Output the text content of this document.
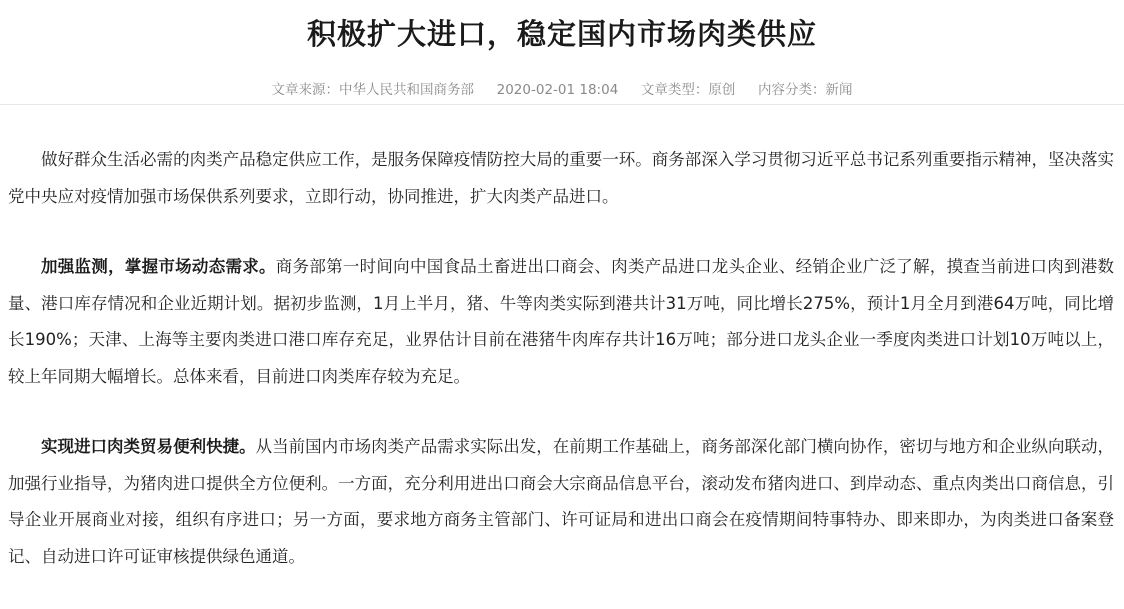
积极扩大进口，稳定国内市场肉类供应
文章来源：中华人民共和国商务部 2020-02-01 18:04 文章类型：原创 内容分类：新闻

做好群众生活必需的肉类产品稳定供应工作，是服务保障疫情防控大局的重要一环。商务部深入学习贯彻习近平总书记系列重要指示精神，坚决落实党中央应对疫情加强市场保供系列要求，立即行动，协同推进，扩大肉类产品进口。

加强监测，掌握市场动态需求。商务部第一时间向中国食品土畜进出口商会、肉类产品进口龙头企业、经销企业广泛了解，摸查当前进口肉到港数量、港口库存情况和企业近期计划。据初步监测，1月上半月，猪、牛等肉类实际到港共计31万吨，同比增长275%，预计1月全月到港64万吨，同比增长190%；天津、上海等主要肉类进口港口库存充足，业界估计目前在港猪牛肉库存共计16万吨；部分进口龙头企业一季度肉类进口计划10万吨以上，较上年同期大幅增长。总体来看，目前进口肉类库存较为充足。

实现进口肉类贸易便利快捷。从当前国内市场肉类产品需求实际出发，在前期工作基础上，商务部深化部门横向协作，密切与地方和企业纵向联动，加强行业指导，为猪肉进口提供全方位便利。一方面，充分利用进出口商会大宗商品信息平台，滚动发布猪肉进口、到岸动态、重点肉类出口商信息，引导企业开展商业对接，组织有序进口；另一方面，要求地方商务主管部门、许可证局和进出口商会在疫情期间特事特办、即来即办，为肉类进口备案登记、自动进口许可证审核提供绿色通道。
